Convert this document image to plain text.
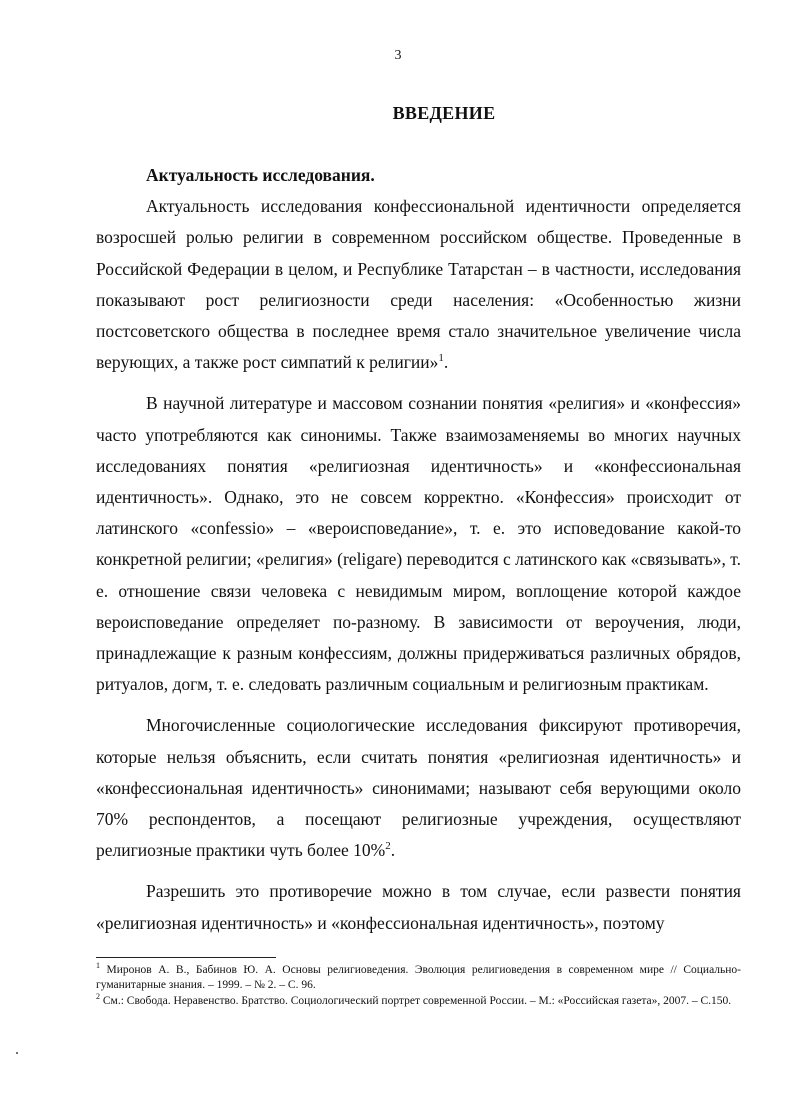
3
ВВЕДЕНИЕ

Актуальность исследования.

Актуальность исследования конфессиональной идентичности определяется возросшей ролью религии в современном российском обществе. Проведенные в Российской Федерации в целом, и Республике Татарстан – в частности, исследования показывают рост религиозности среди населения: «Особенностью жизни постсоветского общества в последнее время стало значительное увеличение числа верующих, а также рост симпатий к религии»$^1$.

В научной литературе и массовом сознании понятия «религия» и «конфессия» часто употребляются как синонимы. Также взаимозаменяемы во многих научных исследованиях понятия «религиозная идентичность» и «конфессиональная идентичность». Однако, это не совсем корректно. «Конфессия» происходит от латинского «confessio» – «вероисповедание», т. е. это исповедование какой-то конкретной религии; «религия» (religare) переводится с латинского как «связывать», т. е. отношение связи человека с невидимым миром, воплощение которой каждое вероисповедание определяет по-разному. В зависимости от вероучения, люди, принадлежащие к разным конфессиям, должны придерживаться различных обрядов, ритуалов, догм, т. е. следовать различным социальным и религиозным практикам.

Многочисленные социологические исследования фиксируют противоречия, которые нельзя объяснить, если считать понятия «религиозная идентичность» и «конфессиональная идентичность» синонимами; называют себя верующими около 70% респондентов, а посещают религиозные учреждения, осуществляют религиозные практики чуть более 10%$^2$.

Разрешить это противоречие можно в том случае, если развести понятия «религиозная идентичность» и «конфессиональная идентичность», поэтому

$^1$ Миронов А. В., Бабинов Ю. А. Основы религиоведения. Эволюция религиоведения в современном мире // Социально-гуманитарные знания. – 1999. – № 2. – С. 96.

$^2$ См.: Свобода. Неравенство. Братство. Социологический портрет современной России. – М.: «Российская газета», 2007. – С.150.
